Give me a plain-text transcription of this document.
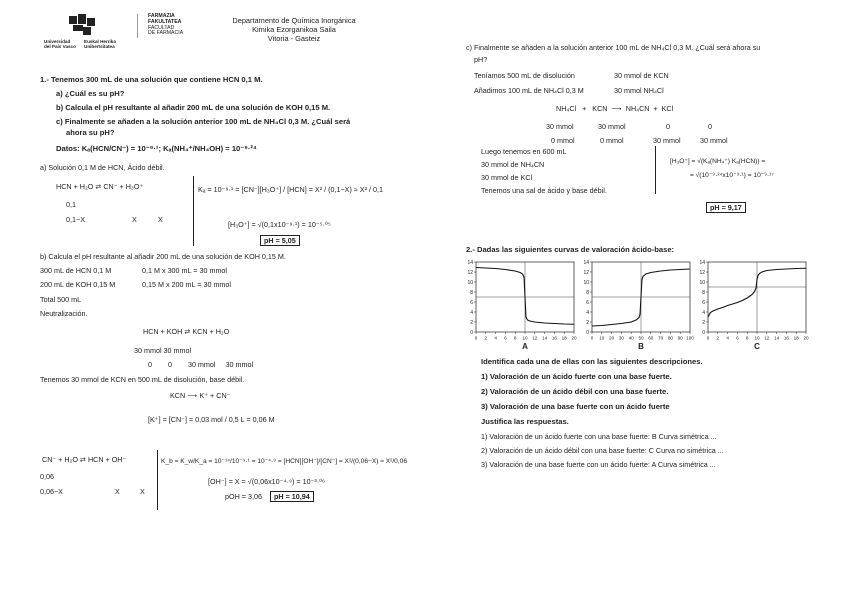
Universidad
del País Vasco
Euskal Herriko
Unibertsitatea
FARMAZIA
FAKULTATEA
FACULTAD
DE FARMACIA
Departamento de Química Inorgánica
Kimika Ezorganikoa Saila
Vitoria - Gasteiz
1.- Tenemos 300 mL de una solución que contiene HCN 0,1 M.
a) ¿Cuál es su pH?
b) Calcula el pH resultante al añadir 200 mL de una solución de KOH 0,15 M.
c) Finalmente se añaden a la solución anterior 100 mL de NH₄Cl 0,3 M. ¿Cuál será
ahora su pH?
Datos: Kₐ(HCN/CN⁻) = 10⁻⁹·¹; Kₐ(NH₄⁺/NH₄OH) = 10⁻⁹·²⁴
a) Solución 0,1 M de HCN, Ácido débil.
HCN + H₂O ⇄ CN⁻ + H₃O⁺
0,1
0,1−X	X	X
Kₐ = 10⁻⁹·¹ = [CN⁻][H₃O⁺] / [HCN] = X² / (0,1−X) ≈ X² / 0,1
[H₃O⁺] = √(0,1x10⁻⁹·¹) = 10⁻⁵·⁰⁵
pH = 5,05
b) Calcula el pH resultante al añadir 200 mL de una solución de KOH 0,15 M.
300 mL de HCN 0,1 M	0,1 M x 300 mL = 30 mmol
200 mL de KOH 0,15 M	0,15 M x 200 mL = 30 mmol
Total 500 mL
Neutralización.
HCN + KOH ⇄ KCN + H₂O
30 mmol 30 mmol
0        0        30 mmol     30 mmol
Tenemos 30 mmol de KCN en 500 mL de disolución, base débil.
KCN ⟶ K⁺ + CN⁻
[K⁺] = [CN⁻] = 0,03 mol / 0,5 L = 0,06 M
CN⁻ + H₂O ⇄ HCN + OH⁻
0,06
0,06−X	X	X
K_b = K_w/K_a = 10⁻¹⁴/10⁻⁹·¹ = 10⁻⁴·⁹ = [HCN][OH⁻]/[CN⁻] = X²/(0,06−X) ≈ X²/0,06
[OH⁻] = X = √(0,06x10⁻⁴·⁹) = 10⁻³·⁰⁶
pOH = 3,06	pH = 10,94
c) Finalmente se añaden a la solución anterior 100 mL de NH₄Cl 0,3 M. ¿Cuál será ahora su
pH?
Teníamos 500 mL de disolución	30 mmol de KCN
Añadimos 100 mL de NH₄Cl 0,3 M	30 mmol NH₄Cl
NH₄Cl   +   KCN  ⟶  NH₄CN  +  KCl
30 mmol	30 mmol	0	0
0 mmol	0 mmol	30 mmol	30 mmol
Luego tenemos en 600 mL
30 mmol de NH₄CN
30 mmol de KCl
Tenemos una sal de ácido y base débil.
[H₃O⁺] = √(Kₐ(NH₄⁺) Kₐ(HCN)) =
= √(10⁻⁹·²⁴x10⁻⁹·¹) = 10⁻⁹·¹⁷
pH = 9,17
2.- Dadas las siguientes curvas de valoración ácido-base:
0
2
4
6
8
10
12
14
0 2 4 6 8 10 12 14 16 18 20
A
0
2
4
6
8
10
12
14
0 10 20 30 40 50 60 70 80 90 100
B
0
2
4
6
8
10
12
14
0 2 4 6 8 10 12 14 16 18 20
C
Identifica cada una de ellas con las siguientes descripciones.
1) Valoración de un ácido fuerte con una base fuerte.
2) Valoración de un ácido débil con una base fuerte.
3) Valoración de una base fuerte con un ácido fuerte
Justifica las respuestas.
1) Valoración de un ácido fuerte con una base fuerte: B Curva simétrica ...
2) Valoración de un ácido débil con una base fuerte: C Curva no simétrica ...
3) Valoración de una base fuerte con un ácido fuerte: A Curva simétrica ...
